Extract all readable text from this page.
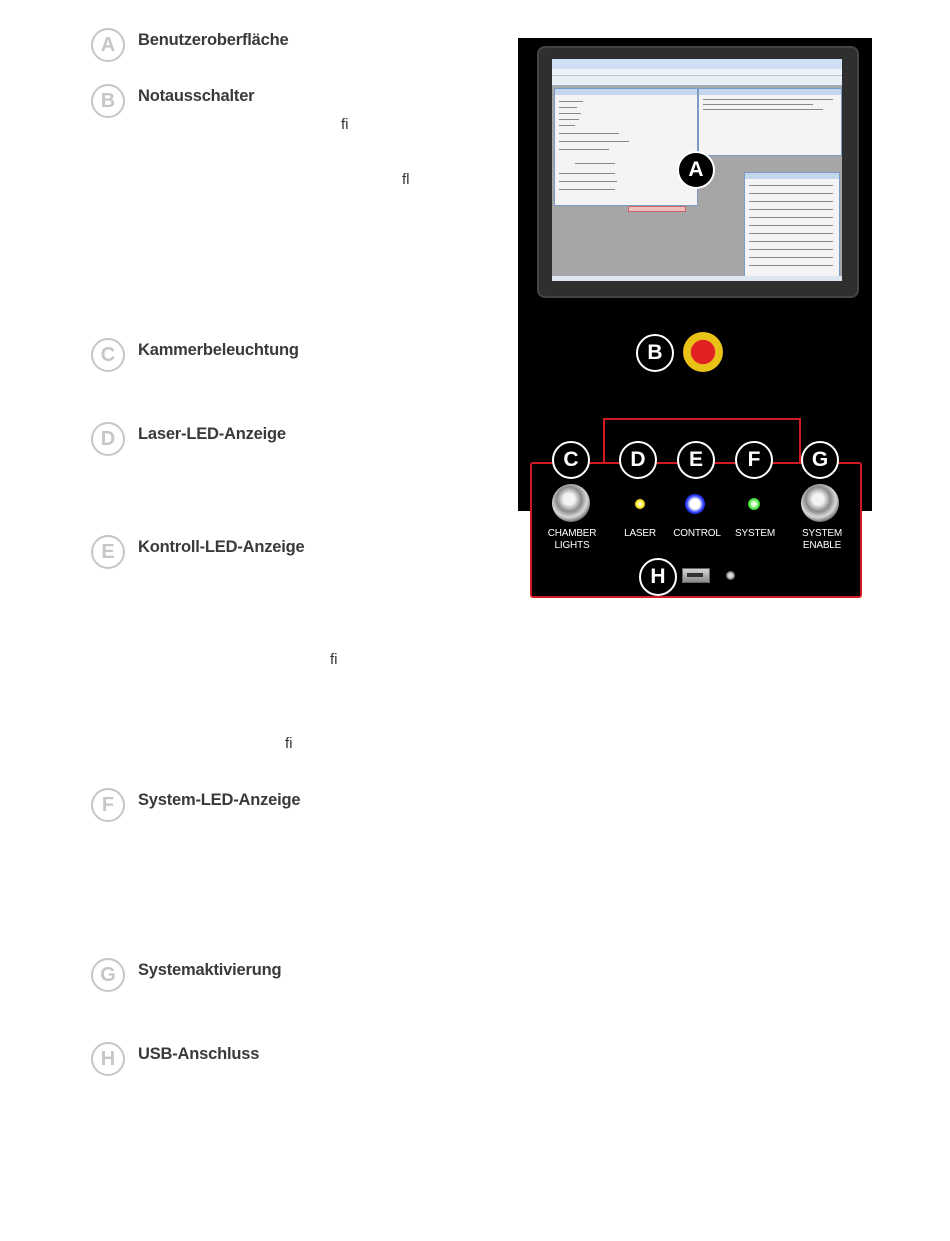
A	Benutzeroberfläche
B	Notausschalter
ﬁ
ﬂ
C	Kammerbeleuchtung
D	Laser-LED-Anzeige
E	Kontroll-LED-Anzeige
ﬁ
ﬁ
F	System-LED-Anzeige
G	Systemaktivierung
H	USB-Anschluss
A
B
CHAMBER
LIGHTS
LASER	CONTROL	SYSTEM	SYSTEM
ENABLE
C	D	E	F	G
H
